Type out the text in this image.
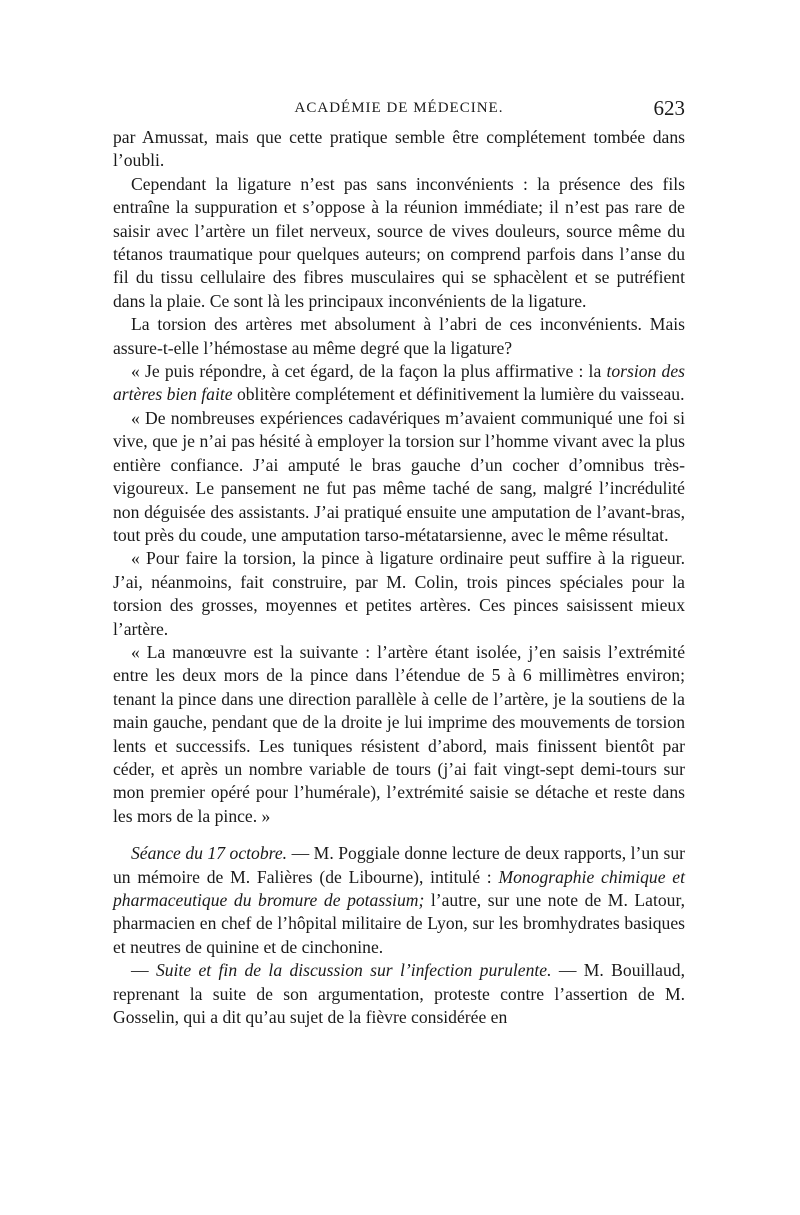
ACADÉMIE DE MÉDECINE.	623

par Amussat, mais que cette pratique semble être complétement tombée dans l’oubli.

Cependant la ligature n’est pas sans inconvénients : la présence des fils entraîne la suppuration et s’oppose à la réunion immédiate; il n’est pas rare de saisir avec l’artère un filet nerveux, source de vives douleurs, source même du tétanos traumatique pour quelques auteurs; on comprend parfois dans l’anse du fil du tissu cellulaire des fibres musculaires qui se sphacèlent et se putréfient dans la plaie. Ce sont là les principaux inconvénients de la ligature.

La torsion des artères met absolument à l’abri de ces inconvénients. Mais assure-t-elle l’hémostase au même degré que la ligature?

« Je puis répondre, à cet égard, de la façon la plus affirmative : la torsion des artères bien faite oblitère complétement et définitivement la lumière du vaisseau.

« De nombreuses expériences cadavériques m’avaient communiqué une foi si vive, que je n’ai pas hésité à employer la torsion sur l’homme vivant avec la plus entière confiance. J’ai amputé le bras gauche d’un cocher d’omnibus très-vigoureux. Le pansement ne fut pas même taché de sang, malgré l’incrédulité non déguisée des assistants. J’ai pratiqué ensuite une amputation de l’avant-bras, tout près du coude, une amputation tarso-métatarsienne, avec le même résultat.

« Pour faire la torsion, la pince à ligature ordinaire peut suffire à la rigueur. J’ai, néanmoins, fait construire, par M. Colin, trois pinces spéciales pour la torsion des grosses, moyennes et petites artères. Ces pinces saisissent mieux l’artère.

« La manœuvre est la suivante : l’artère étant isolée, j’en saisis l’extrémité entre les deux mors de la pince dans l’étendue de 5 à 6 millimètres environ; tenant la pince dans une direction parallèle à celle de l’artère, je la soutiens de la main gauche, pendant que de la droite je lui imprime des mouvements de torsion lents et successifs. Les tuniques résistent d’abord, mais finissent bientôt par céder, et après un nombre variable de tours (j’ai fait vingt-sept demi-tours sur mon premier opéré pour l’humérale), l’extrémité saisie se détache et reste dans les mors de la pince. »

Séance du 17 octobre. — M. Poggiale donne lecture de deux rapports, l’un sur un mémoire de M. Falières (de Libourne), intitulé : Monographie chimique et pharmaceutique du bromure de potassium; l’autre, sur une note de M. Latour, pharmacien en chef de l’hôpital militaire de Lyon, sur les bromhydrates basiques et neutres de quinine et de cinchonine.

— Suite et fin de la discussion sur l’infection purulente. — M. Bouillaud, reprenant la suite de son argumentation, proteste contre l’assertion de M. Gosselin, qui a dit qu’au sujet de la fièvre considérée en
